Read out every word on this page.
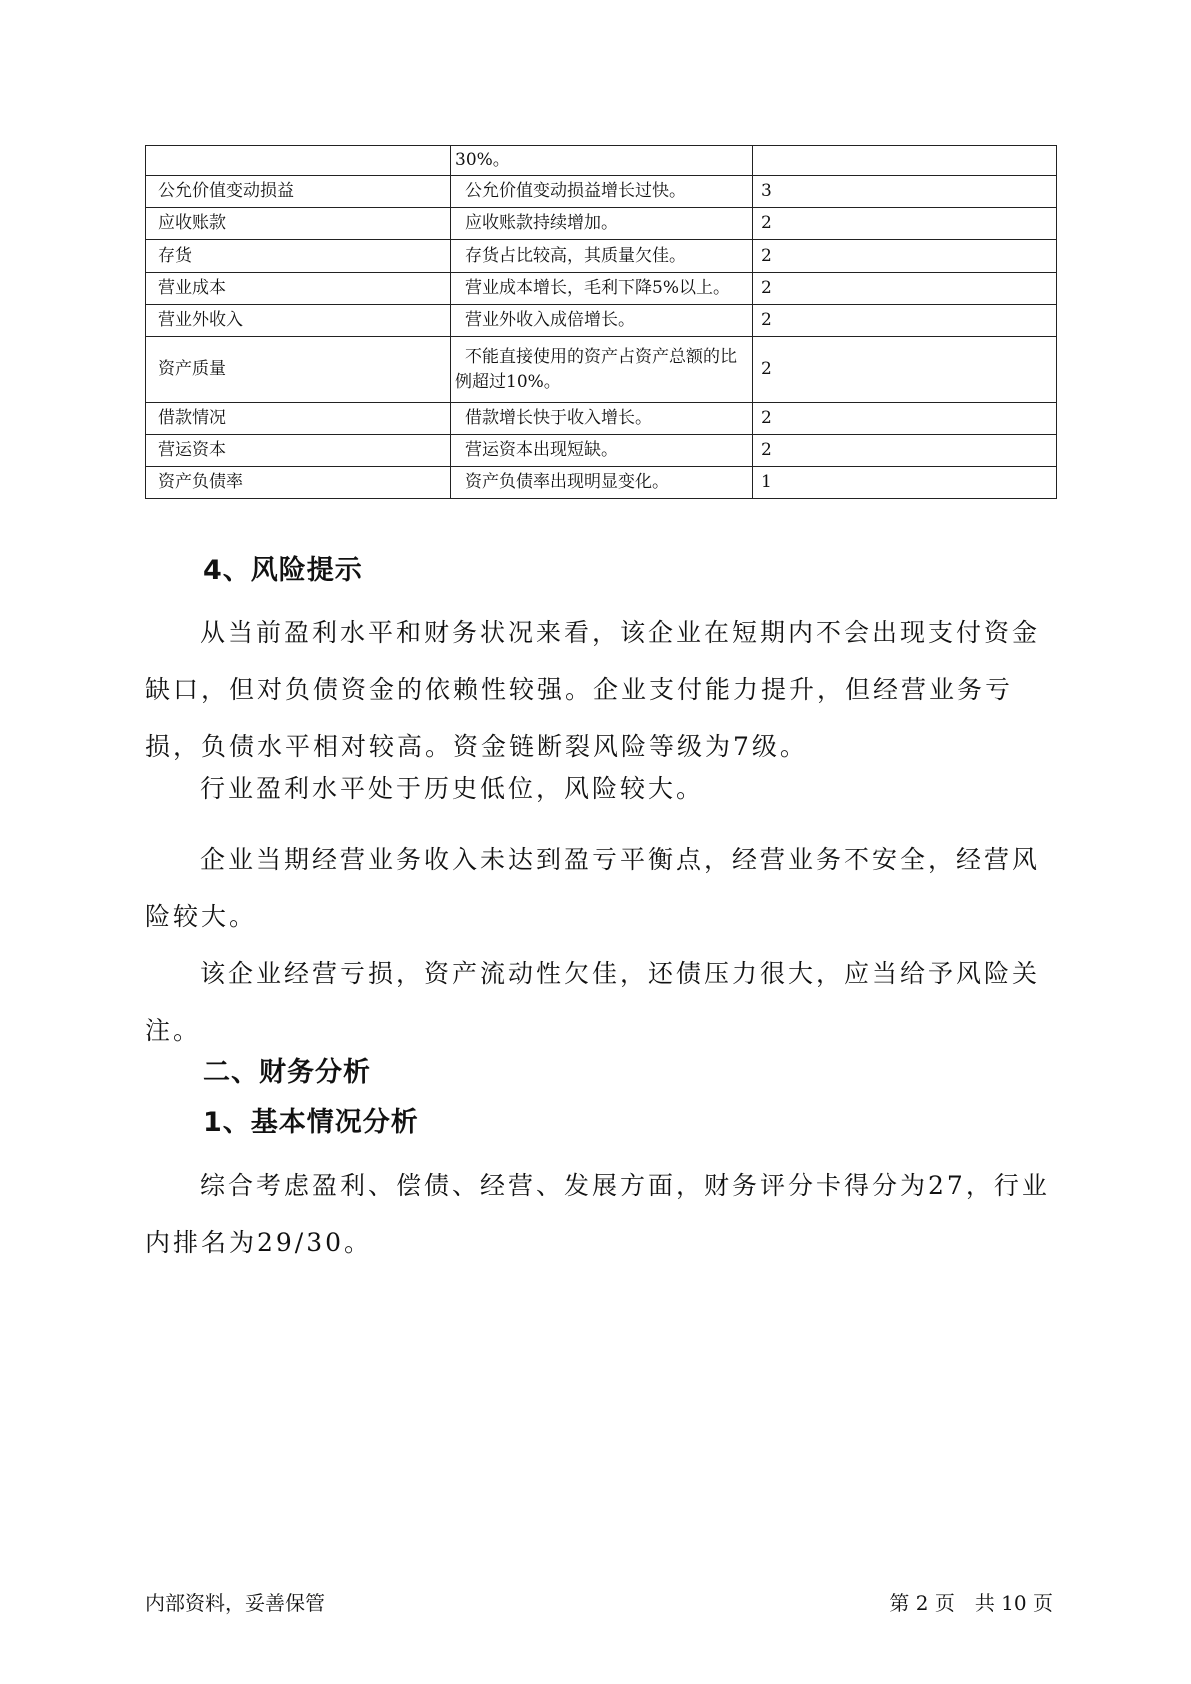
	30%。	
公允价值变动损益	公允价值变动损益增长过快。	3
应收账款	应收账款持续增加。	2
存货	存货占比较高，其质量欠佳。	2
营业成本	营业成本增长，毛利下降5%以上。	2
营业外收入	营业外收入成倍增长。	2
资产质量	不能直接使用的资产占资产总额的比例超过10%。	2
借款情况	借款增长快于收入增长。	2
营运资本	营运资本出现短缺。	2
资产负债率	资产负债率出现明显变化。	1
4、风险提示
从当前盈利水平和财务状况来看，该企业在短期内不会出现支付资金缺口，但对负债资金的依赖性较强。企业支付能力提升，但经营业务亏损，负债水平相对较高。资金链断裂风险等级为7级。
行业盈利水平处于历史低位，风险较大。
企业当期经营业务收入未达到盈亏平衡点，经营业务不安全，经营风险较大。
该企业经营亏损，资产流动性欠佳，还债压力很大，应当给予风险关注。
二、财务分析
1、基本情况分析
综合考虑盈利、偿债、经营、发展方面，财务评分卡得分为27，行业内排名为29/30。
内部资料，妥善保管	第 2 页　共 10 页
